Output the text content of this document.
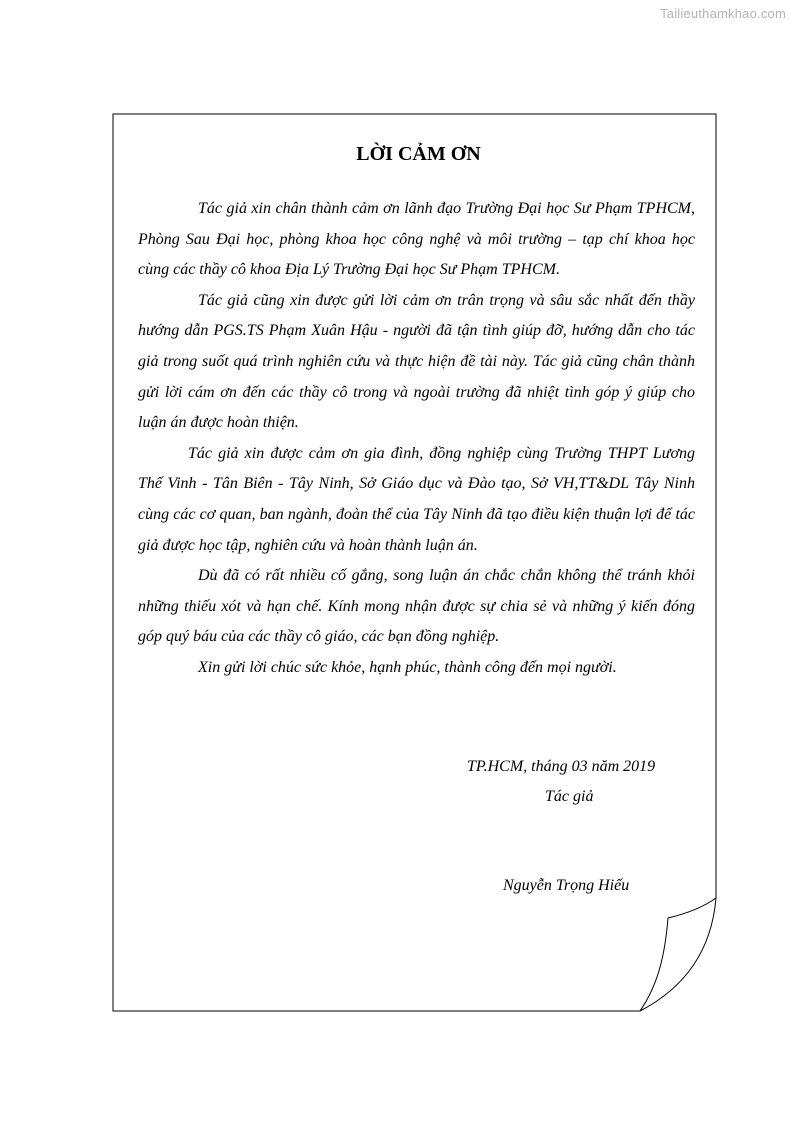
Tailieuthamkhao.com
LỜI CẢM ƠN

Tác giả xin chân thành cảm ơn lãnh đạo Trường Đại học Sư Phạm TPHCM, Phòng Sau Đại học, phòng khoa học công nghệ và môi trường – tạp chí khoa học cùng các thầy cô khoa Địa Lý Trường Đại học Sư Phạm TPHCM.

Tác giả cũng xin được gửi lời cảm ơn trân trọng và sâu sắc nhất đến thầy hướng dẫn PGS.TS Phạm Xuân Hậu - người đã tận tình giúp đỡ, hướng dẫn cho tác giả trong suốt quá trình nghiên cứu và thực hiện đề tài này. Tác giả cũng chân thành gửi lời cám ơn đến các thầy cô trong và ngoài trường đã nhiệt tình góp ý giúp cho luận án được hoàn thiện.

Tác giả xin được cảm ơn gia đình, đồng nghiệp cùng Trường THPT Lương Thế Vinh - Tân Biên - Tây Ninh, Sở Giáo dục và Đào tạo, Sở VH,TT&DL Tây Ninh cùng các cơ quan, ban ngành, đoàn thể của Tây Ninh đã tạo điều kiện thuận lợi để tác giả được học tập, nghiên cứu và hoàn thành luận án.

Dù đã có rất nhiều cố gắng, song luận án chắc chắn không thể tránh khỏi những thiếu xót và hạn chế. Kính mong nhận được sự chia sẻ và những ý kiến đóng góp quý báu của các thầy cô giáo, các bạn đồng nghiệp.

Xin gửi lời chúc sức khỏe, hạnh phúc, thành công đến mọi người.

TP.HCM, tháng 03 năm 2019
Tác giả
Nguyễn Trọng Hiếu
